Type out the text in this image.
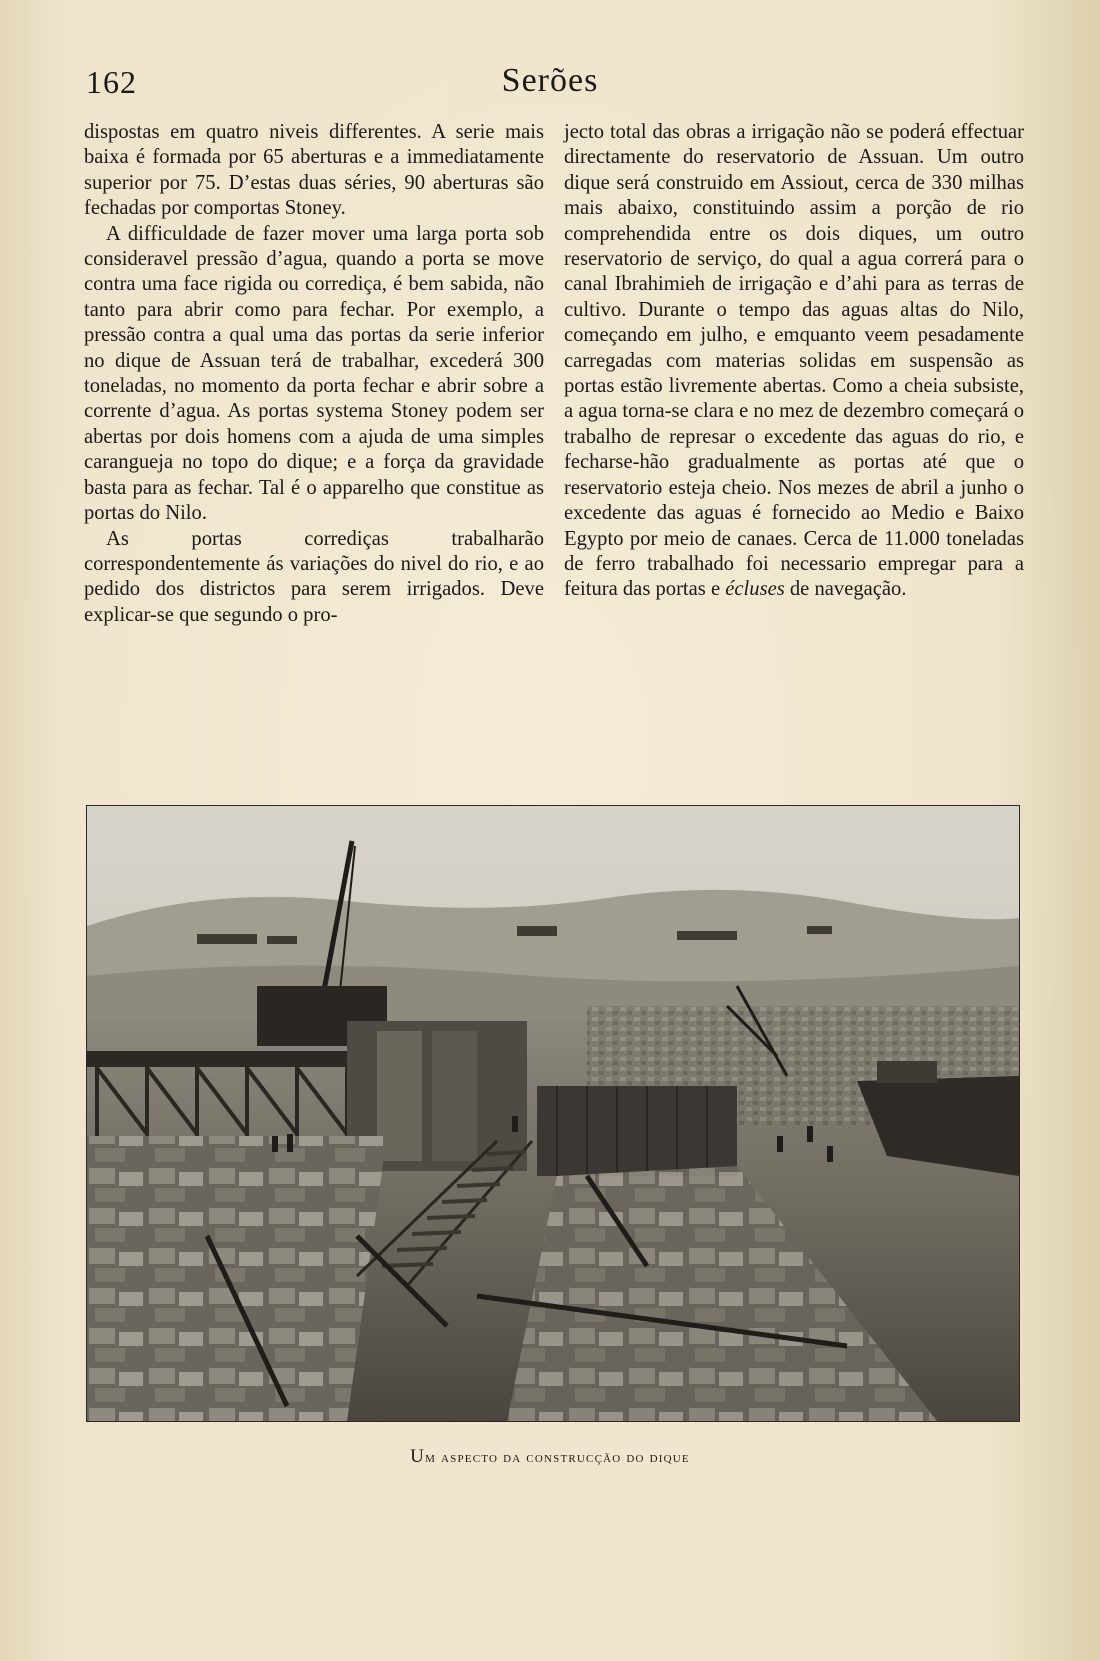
162	Serões

dispostas em quatro niveis differentes. A serie mais baixa é formada por 65 aberturas e a immediatamente superior por 75. D’estas duas séries, 90 aberturas são fechadas por comportas Stoney.

A difficuldade de fazer mover uma larga porta sob consideravel pressão d’agua, quando a porta se move contra uma face rigida ou corrediça, é bem sabida, não tanto para abrir como para fechar. Por exemplo, a pressão contra a qual uma das portas da serie inferior no dique de Assuan terá de trabalhar, excederá 300 toneladas, no momento da porta fechar e abrir sobre a corrente d’agua. As portas systema Stoney podem ser abertas por dois homens com a ajuda de uma simples carangueja no topo do dique; e a força da gravidade basta para as fechar. Tal é o apparelho que constitue as portas do Nilo.

As portas corrediças trabalharão correspondentemente ás variações do nivel do rio, e ao pedido dos districtos para serem irrigados. Deve explicar-se que segundo o pro-

jecto total das obras a irrigação não se poderá effectuar directamente do reservatorio de Assuan. Um outro dique será construido em Assiout, cerca de 330 milhas mais abaixo, constituindo assim a porção de rio comprehendida entre os dois diques, um outro reservatorio de serviço, do qual a agua correrá para o canal Ibrahimieh de irrigação e d’ahi para as terras de cultivo. Durante o tempo das aguas altas do Nilo, começando em julho, e emquanto veem pesadamente carregadas com materias solidas em suspensão as portas estão livremente abertas. Como a cheia subsiste, a agua torna-se clara e no mez de dezembro começará o trabalho de represar o excedente das aguas do rio, e fecharse-hão gradualmente as portas até que o reservatorio esteja cheio. Nos mezes de abril a junho o excedente das aguas é fornecido ao Medio e Baixo Egypto por meio de canaes. Cerca de 11.000 toneladas de ferro trabalhado foi necessario empregar para a feitura das portas e écluses de navegação.

Um aspecto da construcção do dique
